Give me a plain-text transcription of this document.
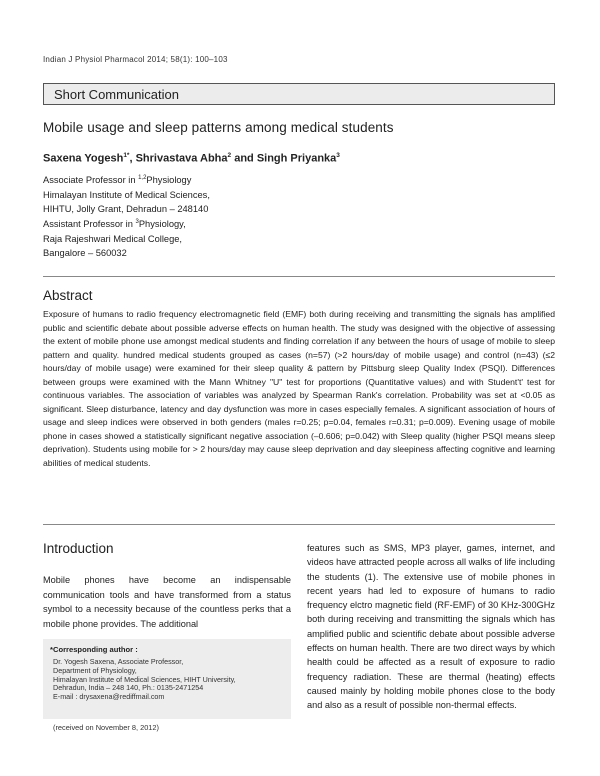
Indian J Physiol Pharmacol 2014; 58(1): 100–103
Short Communication
Mobile usage and sleep patterns among medical students
Saxena Yogesh$^{1*}$, Shrivastava Abha$^2$ and Singh Priyanka$^3$
Associate Professor in $^{1,2}$Physiology
Himalayan Institute of Medical Sciences,
HIHTU, Jolly Grant, Dehradun – 248140
Assistant Professor in $^3$Physiology,
Raja Rajeshwari Medical College,
Bangalore – 560032
Abstract
Exposure of humans to radio frequency electromagnetic field (EMF) both during receiving and transmitting the signals has amplified public and scientific debate about possible adverse effects on human health. The study was designed with the objective of assessing the extent of mobile phone use amongst medical students and finding correlation if any between the hours of usage of mobile to sleep pattern and quality. hundred medical students grouped as cases (n=57) (>2 hours/day of mobile usage) and control (n=43) (≤2 hours/day of mobile usage) were examined for their sleep quality & pattern by Pittsburg sleep Quality Index (PSQI). Differences between groups were examined with the Mann Whitney "U" test for proportions (Quantitative values) and with Student't' test for continuous variables. The association of variables was analyzed by Spearman Rank's correlation. Probability was set at <0.05 as significant. Sleep disturbance, latency and day dysfunction was more in cases especially females. A significant association of hours of usage and sleep indices were observed in both genders (males r=0.25; p=0.04, females r=0.31; p=0.009). Evening usage of mobile phone in cases showed a statistically significant negative association (–0.606; p=0.042) with Sleep quality (higher PSQI means sleep deprivation). Students using mobile for > 2 hours/day may cause sleep deprivation and day sleepiness affecting cognitive and learning abilities of medical students.
Introduction
Mobile phones have become an indispensable communication tools and have transformed from a status symbol to a necessity because of the countless perks that a mobile phone provides. The additional
*Corresponding author :
Dr. Yogesh Saxena, Associate Professor,
Department of Physiology,
Himalayan Institute of Medical Sciences, HIHT University,
Dehradun, India – 248 140, Ph.: 0135-2471254
E-mail : drysaxena@rediffmail.com
(received on November 8, 2012)
features such as SMS, MP3 player, games, internet, and videos have attracted people across all walks of life including the students (1). The extensive use of mobile phones in recent years had led to exposure of humans to radio frequency elctro magnetic field (RF-EMF) of 30 KHz-300GHz both during receiving and transmitting the signals which has amplified public and scientific debate about possible adverse effects on human health. There are two direct ways by which health could be affected as a result of exposure to radio frequency radiation. These are thermal (heating) effects caused mainly by holding mobile phones close to the body and also as a result of possible non-thermal effects.
